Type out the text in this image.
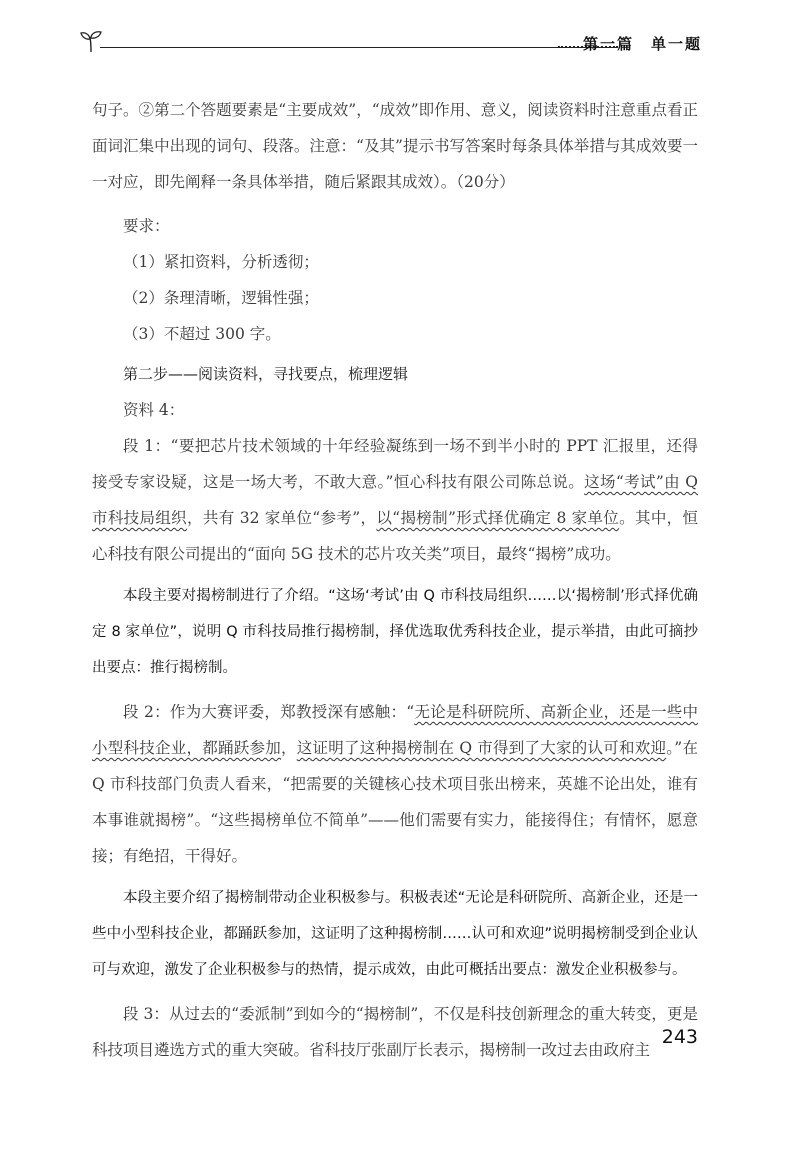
第一篇　单一题

句子。②第二个答题要素是“主要成效”，“成效”即作用、意义，阅读资料时注意重点看正面词汇集中出现的词句、段落。注意：“及其”提示书写答案时每条具体举措与其成效要一一对应，即先阐释一条具体举措，随后紧跟其成效）。（20分）

要求：

（1）紧扣资料，分析透彻；

（2）条理清晰，逻辑性强；

（3）不超过 300 字。

第二步——阅读资料，寻找要点，梳理逻辑

资料 4：

段 1：“要把芯片技术领域的十年经验凝练到一场不到半小时的 PPT 汇报里，还得接受专家设疑，这是一场大考，不敢大意。”恒心科技有限公司陈总说。这场“考试”由 Q 市科技局组织，共有 32 家单位“参考”，以“揭榜制”形式择优确定 8 家单位。其中，恒心科技有限公司提出的“面向 5G 技术的芯片攻关类”项目，最终“揭榜”成功。

本段主要对揭榜制进行了介绍。“这场‘考试’由 Q 市科技局组织……以‘揭榜制’形式择优确定 8 家单位”，说明 Q 市科技局推行揭榜制，择优选取优秀科技企业，提示举措，由此可摘抄出要点：推行揭榜制。

段 2：作为大赛评委，郑教授深有感触：“无论是科研院所、高新企业，还是一些中小型科技企业，都踊跃参加，这证明了这种揭榜制在 Q 市得到了大家的认可和欢迎。”在 Q 市科技部门负责人看来，“把需要的关键核心技术项目张出榜来，英雄不论出处，谁有本事谁就揭榜”。“这些揭榜单位不简单”——他们需要有实力，能接得住；有情怀，愿意接；有绝招，干得好。

本段主要介绍了揭榜制带动企业积极参与。积极表述“无论是科研院所、高新企业，还是一些中小型科技企业，都踊跃参加，这证明了这种揭榜制……认可和欢迎”说明揭榜制受到企业认可与欢迎，激发了企业积极参与的热情，提示成效，由此可概括出要点：激发企业积极参与。

段 3：从过去的“委派制”到如今的“揭榜制”，不仅是科技创新理念的重大转变，更是科技项目遴选方式的重大突破。省科技厅张副厅长表示，揭榜制一改过去由政府主

243
